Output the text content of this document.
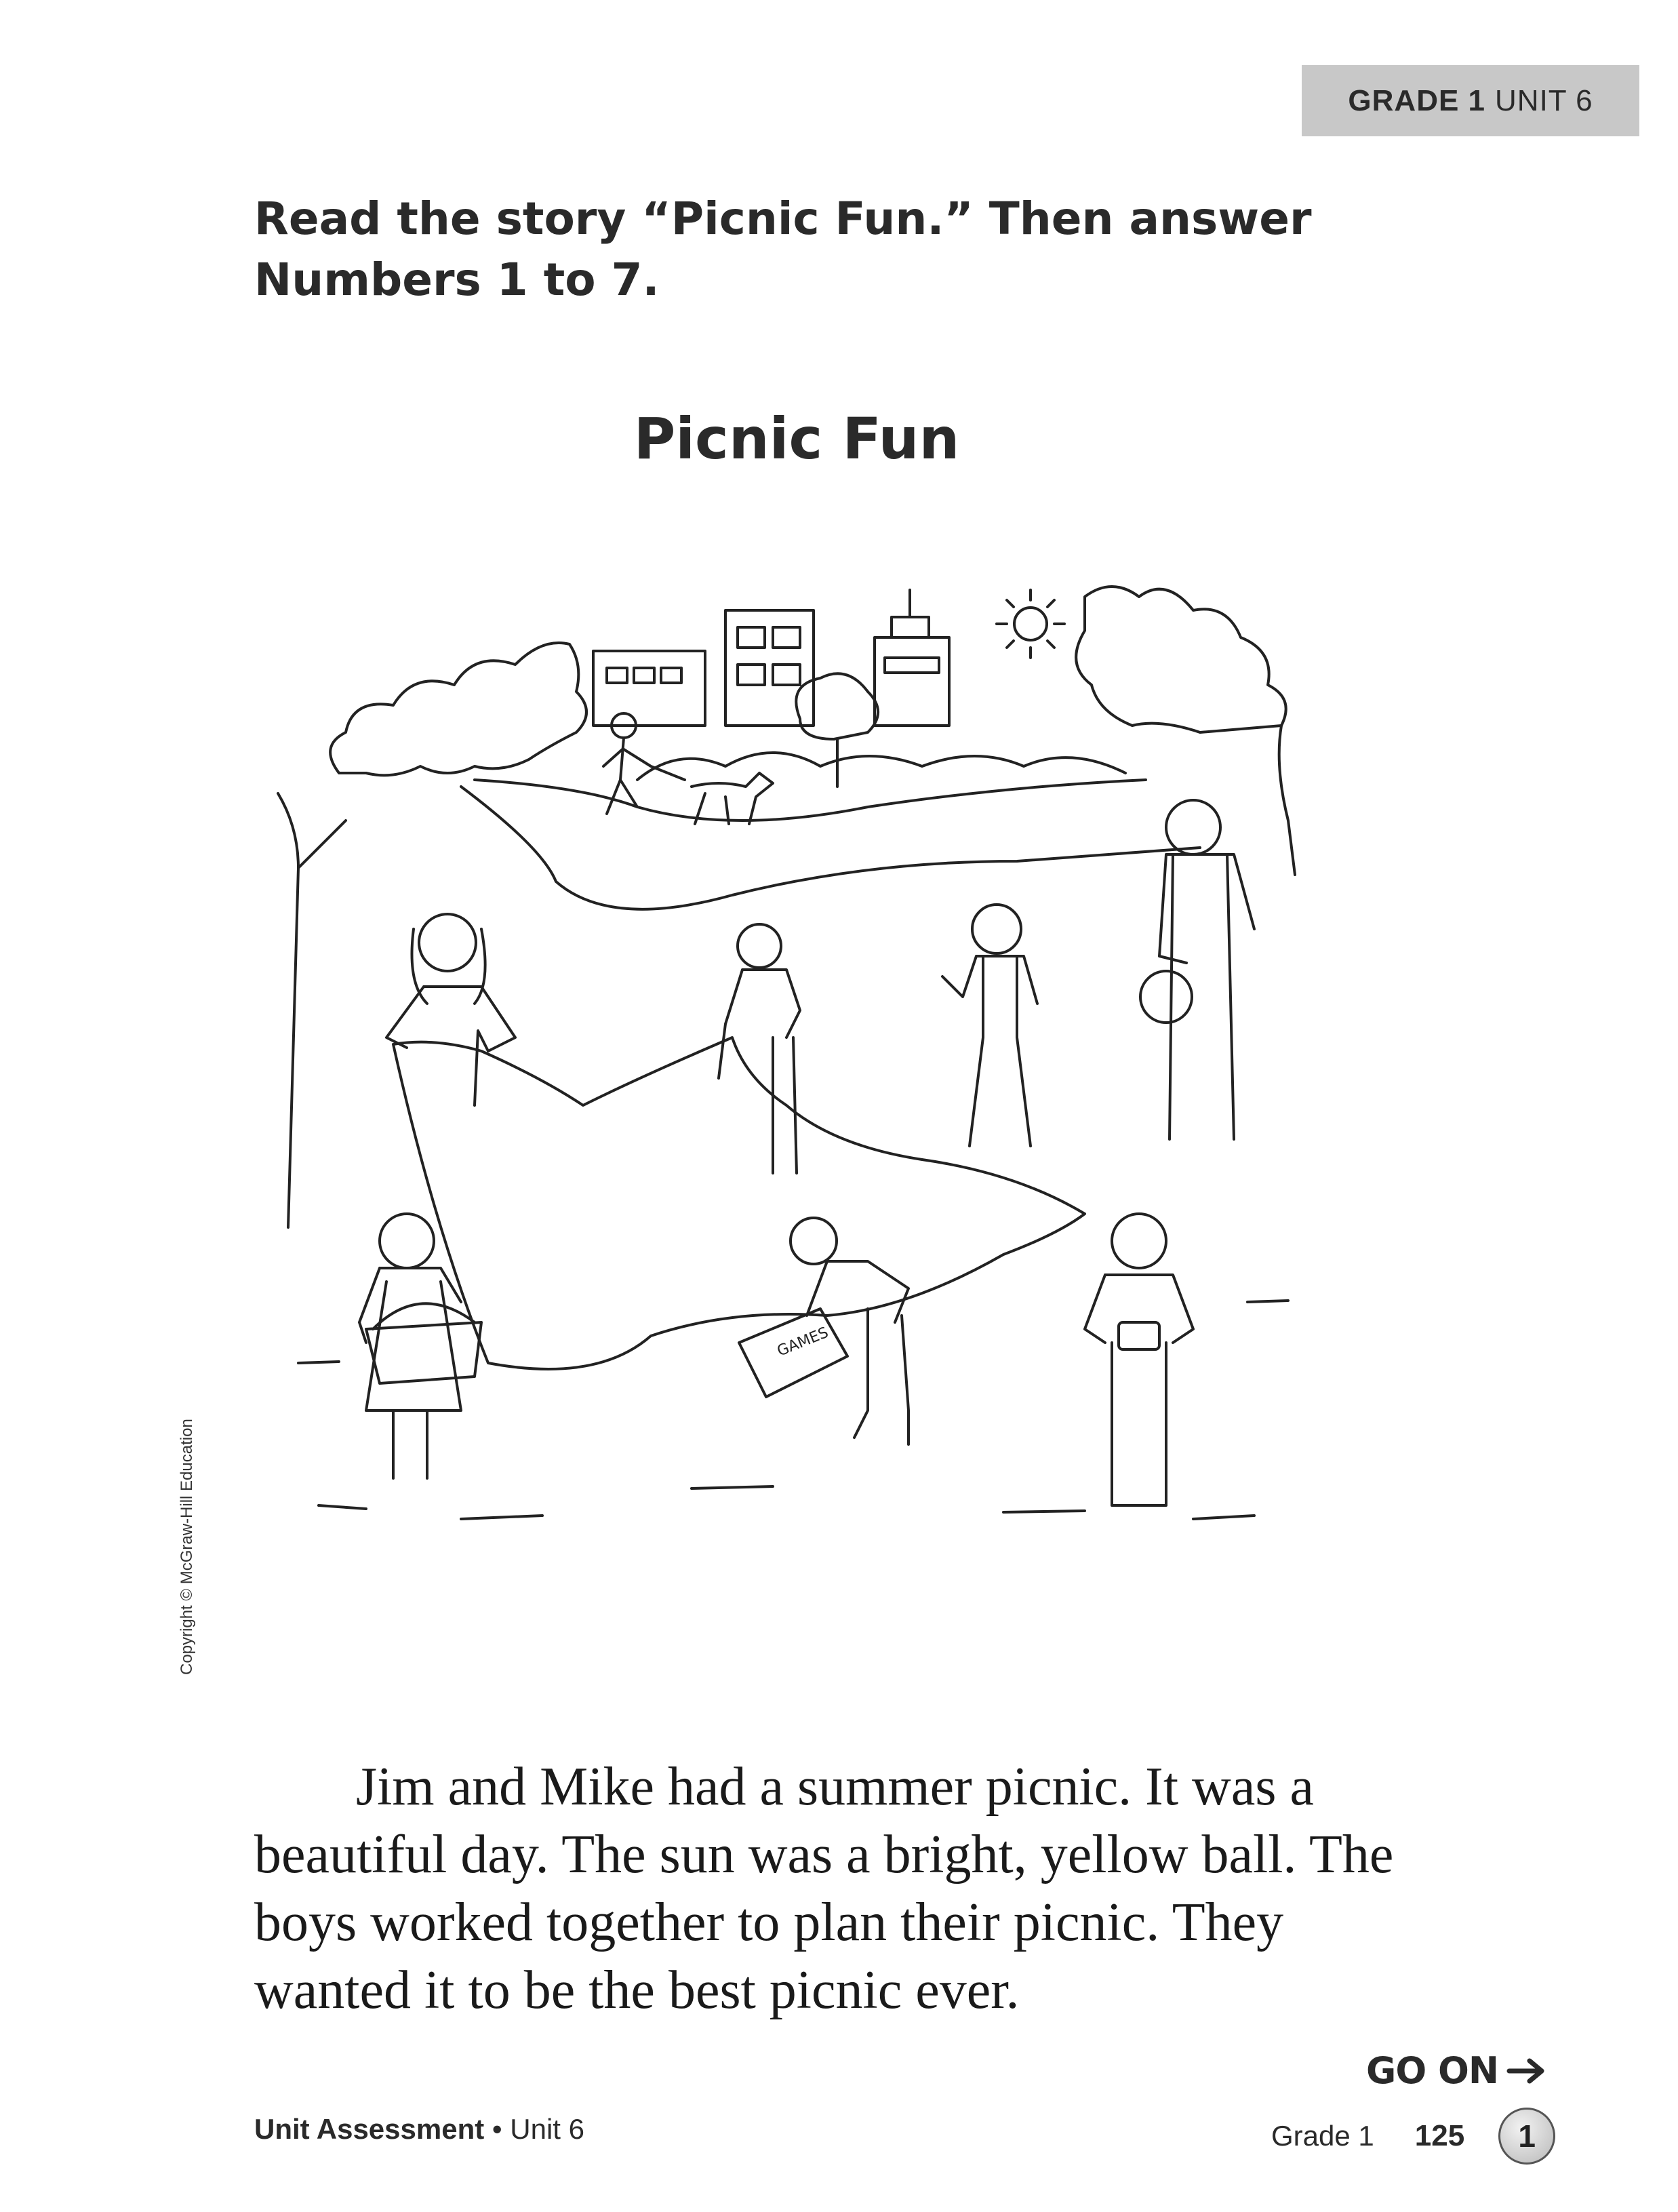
GRADE 1 UNIT 6
Read the story “Picnic Fun.” Then answer Numbers 1 to 7.
Picnic Fun
GAMES
Copyright © McGraw-Hill Education

Jim and Mike had a summer picnic. It was a beautiful day. The sun was a bright, yellow ball. The boys worked together to plan their picnic. They wanted it to be the best picnic ever.

GO ON
Unit Assessment • Unit 6	Grade 1 125	1
